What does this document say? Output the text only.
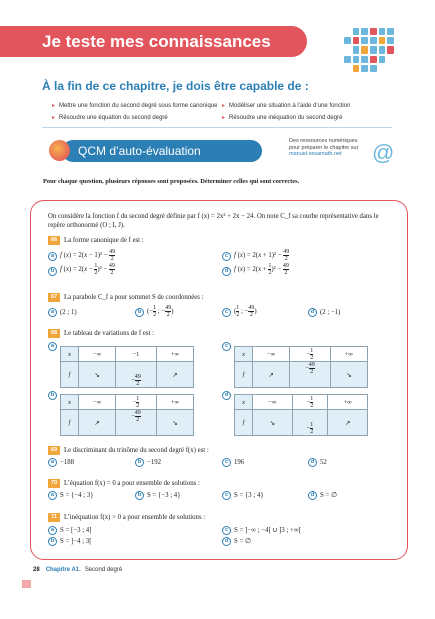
Je teste mes connaissances
À la fin de ce chapitre, je dois être capable de :
▸ Mettre une fonction du second degré sous forme canonique	▸ Modéliser une situation à l’aide d’une fonction
▸ Résoudre une équation du second degré	▸ Résoudre une inéquation du second degré
QCM d’auto-évaluation
Des ressources numériques
pour préparer le chapitre sur
manuel.sesamath.net	@
Pour chaque question, plusieurs réponses sont proposées. Déterminer celles qui sont correctes.
On considère la fonction f du second degré définie par f (x) = 2x² + 2x − 24. On note C_f sa courbe représentative dans le repère orthonormé (O ; I, J).
66	La forme canonique de f est :
a f $(x) = 2(x - 1)^2 - \frac{49}{2}$	c f $(x) = 2(x + 1)^2 - \frac{49}{2}$
b f $(x) = 2(x - \frac{1}{2} )^2 - \frac{49}{2}$	d f $(x) = 2(x + \frac{1}{2} )^2 - \frac{49}{2}$
67	La parabole C_f a pour sommet S de coordonnées :
a (2 ; 1)	b (− $\frac{1}{2}$ ; − $\frac{49}{2}$ )	c ( $\frac{1}{2}$ ; − $\frac{49}{2}$ )	d (2 ; −1)
68	Le tableau de variations de f est :
a
x	−∞	−1	+∞
f	↘	− $\frac{49}{2}$	↗
c
x	−∞	− $\frac{1}{2}$	+∞
f	↗	− $\frac{49}{2}$	↘
b
x	−∞	− $\frac{1}{2}$	+∞
f	↗	− $\frac{49}{2}$	↘
d
x	−∞	− $\frac{1}{2}$	+∞
f	↘	− $\frac{1}{2}$	↗
69	Le discriminant du trinôme du second degré f(x) est :
a −188	b −192	c 196	d 52
70	L’équation f(x) = 0 a pour ensemble de solutions :
a S = {−4 ; 3}	b S = {−3 ; 4}	c S = {3 ; 4}	d S = ∅
71	L’inéquation f(x) > 0 a pour ensemble de solutions :
a S = [−3 ; 4]	c S = ]−∞ ; −4[ ∪ ]3 ; +∞[
b S = ]−4 ; 3[	d S = ∅
28 Chapitre A1. Second degré
